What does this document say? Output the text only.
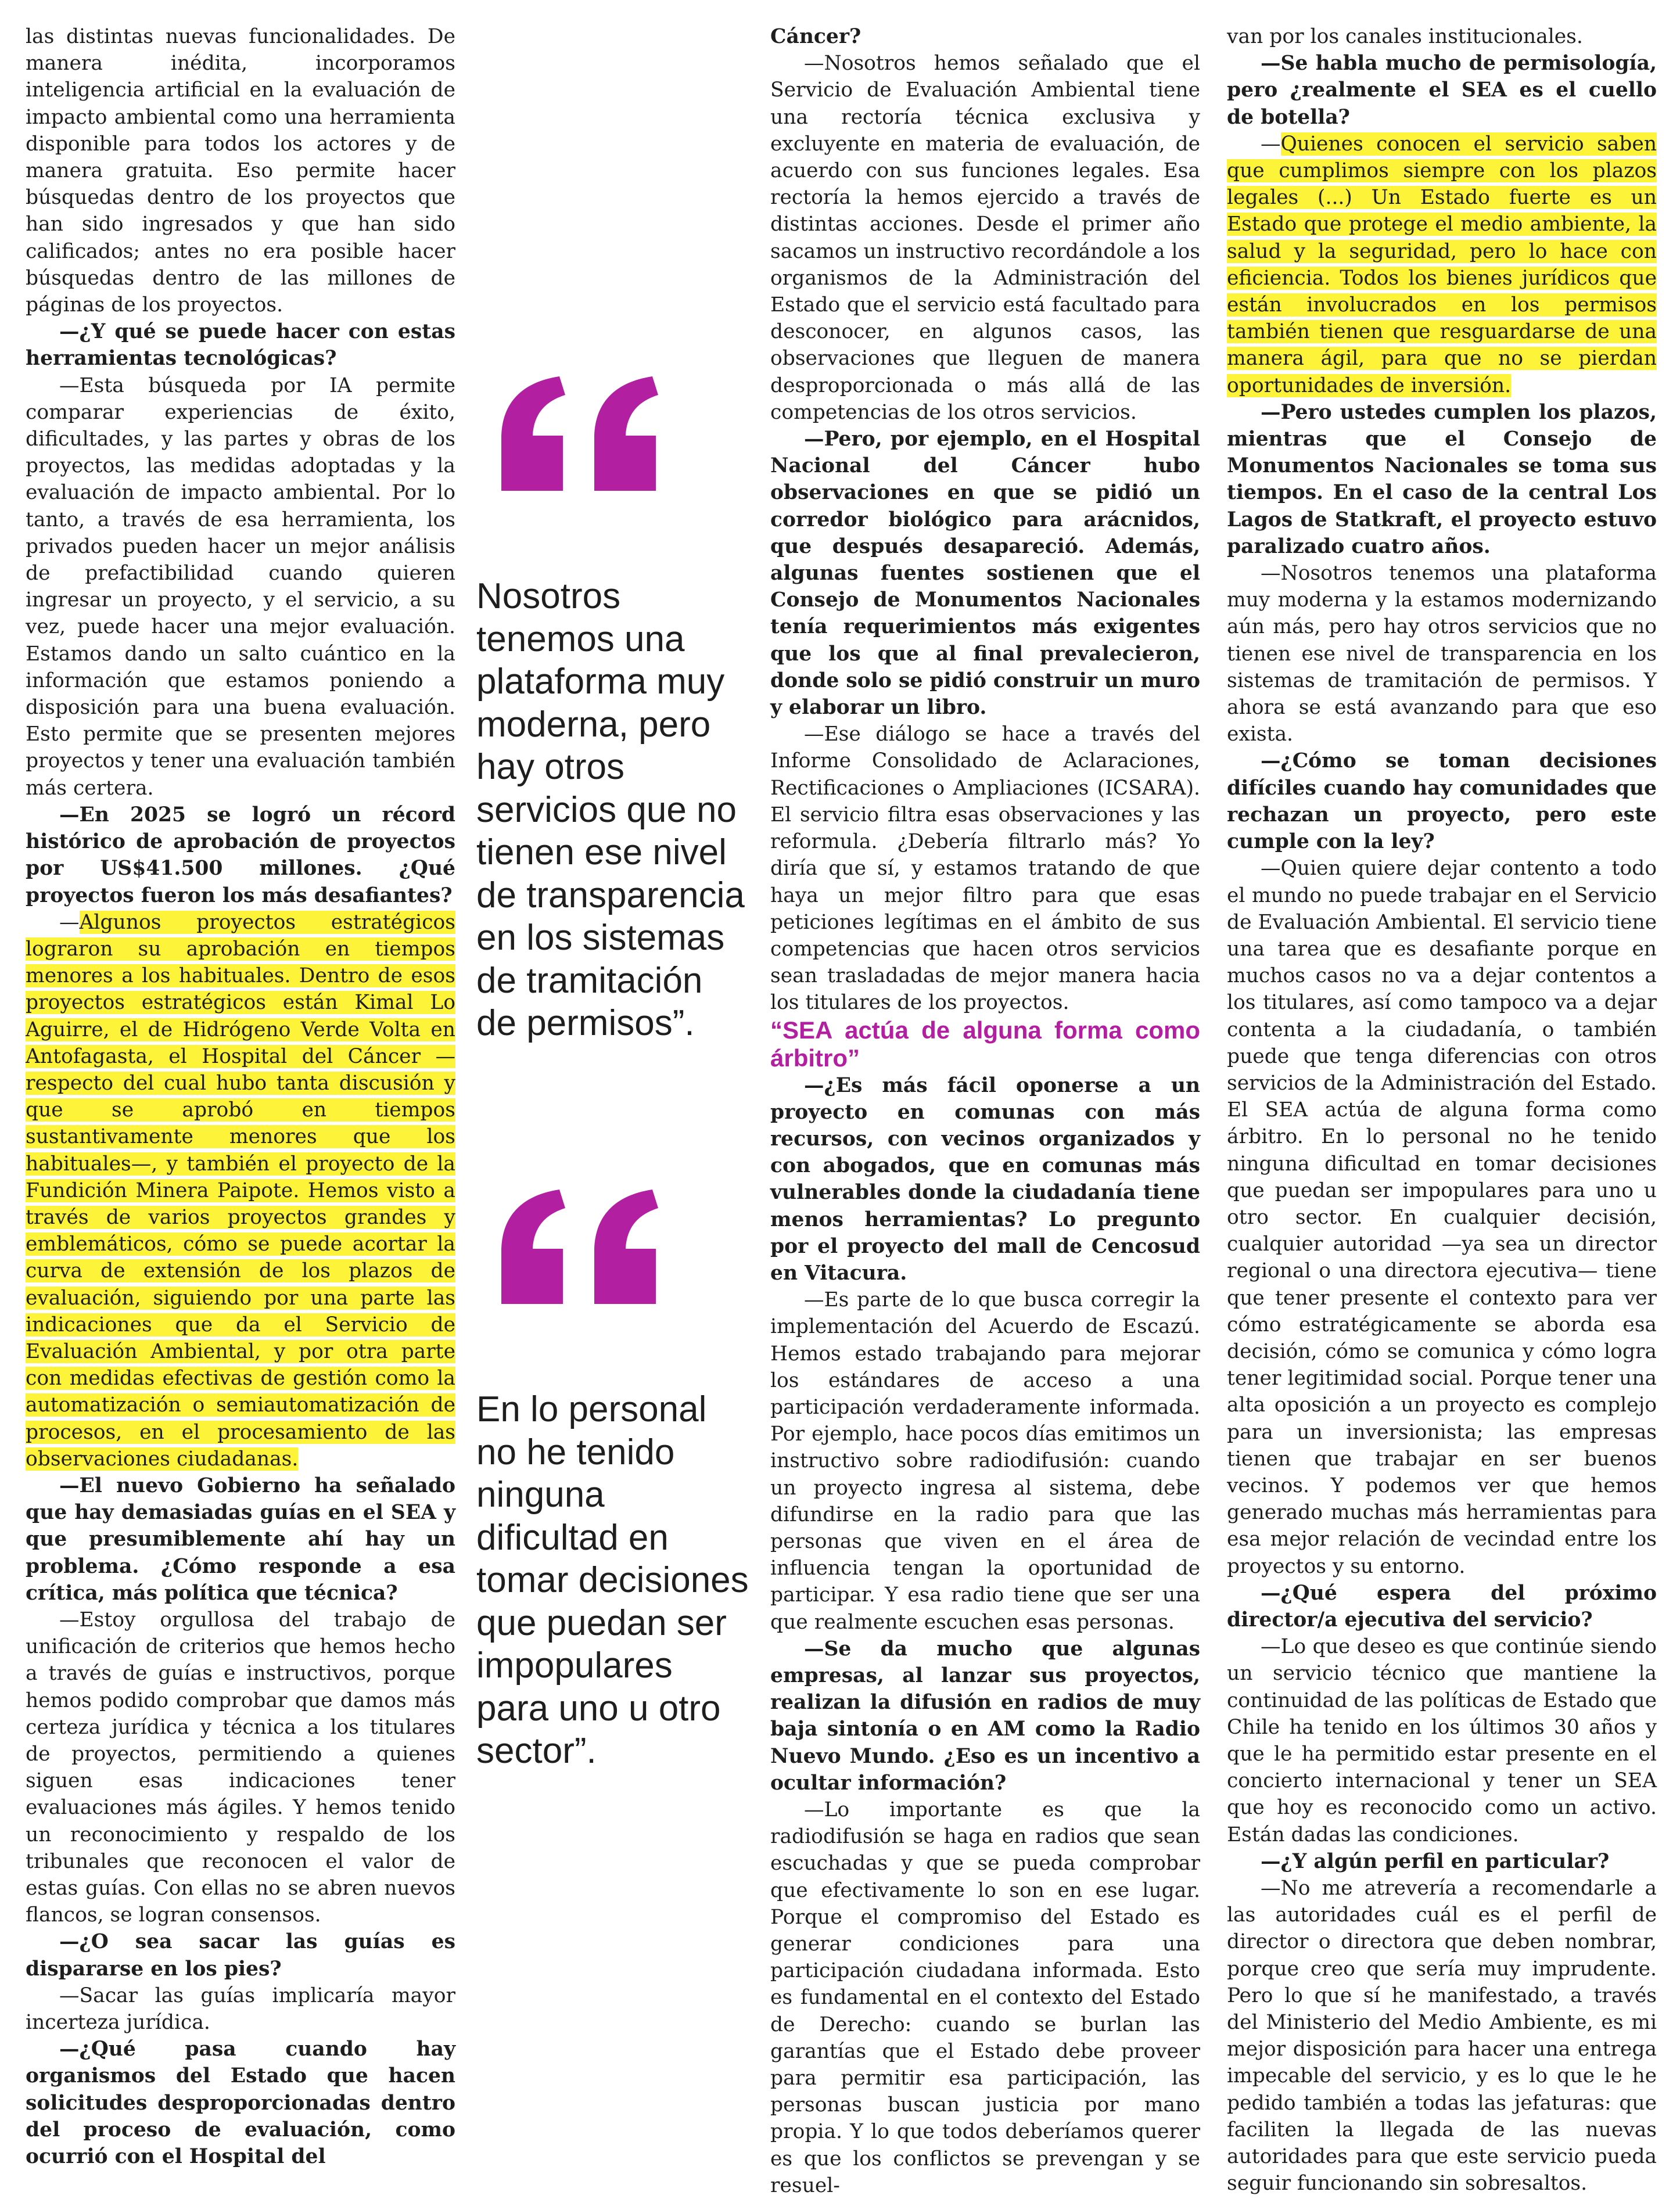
las distintas nuevas funcionalidades. De manera inédita, incorporamos inteligencia artificial en la evaluación de impacto ambiental como una herramienta disponible para todos los actores y de manera gratuita. Eso permite hacer búsquedas dentro de los proyectos que han sido ingresados y que han sido calificados; antes no era posible hacer búsquedas dentro de las millones de páginas de los proyectos.

—¿Y qué se puede hacer con estas herramientas tecnológicas?

—Esta búsqueda por IA permite comparar experiencias de éxito, dificultades, y las partes y obras de los proyectos, las medidas adoptadas y la evaluación de impacto ambiental. Por lo tanto, a través de esa herramienta, los privados pueden hacer un mejor análisis de prefactibilidad cuando quieren ingresar un proyecto, y el servicio, a su vez, puede hacer una mejor evaluación. Estamos dando un salto cuántico en la información que estamos poniendo a disposición para una buena evaluación. Esto permite que se presenten mejores proyectos y tener una evaluación también más certera.

—En 2025 se logró un récord histórico de aprobación de proyectos por US$41.500 millones. ¿Qué proyectos fueron los más desafiantes?

—Algunos proyectos estratégicos lograron su aprobación en tiempos menores a los habituales. Dentro de esos proyectos estratégicos están Kimal Lo Aguirre, el de Hidrógeno Verde Volta en Antofagasta, el Hospital del Cáncer —respecto del cual hubo tanta discusión y que se aprobó en tiempos sustantivamente menores que los habituales—, y también el proyecto de la Fundición Minera Paipote. Hemos visto a través de varios proyectos grandes y emblemáticos, cómo se puede acortar la curva de extensión de los plazos de evaluación, siguiendo por una parte las indicaciones que da el Servicio de Evaluación Ambiental, y por otra parte con medidas efectivas de gestión como la automatización o semiautomatización de procesos, en el procesamiento de las observaciones ciudadanas.

—El nuevo Gobierno ha señalado que hay demasiadas guías en el SEA y que presumiblemente ahí hay un problema. ¿Cómo responde a esa crítica, más política que técnica?

—Estoy orgullosa del trabajo de unificación de criterios que hemos hecho a través de guías e instructivos, porque hemos podido comprobar que damos más certeza jurídica y técnica a los titulares de proyectos, permitiendo a quienes siguen esas indicaciones tener evaluaciones más ágiles. Y hemos tenido un reconocimiento y respaldo de los tribunales que reconocen el valor de estas guías. Con ellas no se abren nuevos flancos, se logran consensos.

—¿O sea sacar las guías es dispararse en los pies?

—Sacar las guías implicaría mayor incerteza jurídica.

—¿Qué pasa cuando hay organismos del Estado que hacen solicitudes desproporcionadas dentro del proceso de evaluación, como ocurrió con el Hospital del

Nosotros tenemos una plataforma muy moderna, pero hay otros servicios que no tienen ese nivel de transparencia en los sistemas de tramitación de permisos”.
En lo personal no he tenido ninguna dificultad en tomar decisiones que puedan ser impopulares para uno u otro sector”.

Cáncer?

—Nosotros hemos señalado que el Servicio de Evaluación Ambiental tiene una rectoría técnica exclusiva y excluyente en materia de evaluación, de acuerdo con sus funciones legales. Esa rectoría la hemos ejercido a través de distintas acciones. Desde el primer año sacamos un instructivo recordándole a los organismos de la Administración del Estado que el servicio está facultado para desconocer, en algunos casos, las observaciones que lleguen de manera desproporcionada o más allá de las competencias de los otros servicios.

—Pero, por ejemplo, en el Hospital Nacional del Cáncer hubo observaciones en que se pidió un corredor biológico para arácnidos, que después desapareció. Además, algunas fuentes sostienen que el Consejo de Monumentos Nacionales tenía requerimientos más exigentes que los que al final prevalecieron, donde solo se pidió construir un muro y elaborar un libro.

—Ese diálogo se hace a través del Informe Consolidado de Aclaraciones, Rectificaciones o Ampliaciones (ICSARA). El servicio filtra esas observaciones y las reformula. ¿Debería filtrarlo más? Yo diría que sí, y estamos tratando de que haya un mejor filtro para que esas peticiones legítimas en el ámbito de sus competencias que hacen otros servicios sean trasladadas de mejor manera hacia los titulares de los proyectos.

“SEA actúa de alguna forma como árbitro”

—¿Es más fácil oponerse a un proyecto en comunas con más recursos, con vecinos organizados y con abogados, que en comunas más vulnerables donde la ciudadanía tiene menos herramientas? Lo pregunto por el proyecto del mall de Cencosud en Vitacura.

—Es parte de lo que busca corregir la implementación del Acuerdo de Escazú. Hemos estado trabajando para mejorar los estándares de acceso a una participación verdaderamente informada. Por ejemplo, hace pocos días emitimos un instructivo sobre radiodifusión: cuando un proyecto ingresa al sistema, debe difundirse en la radio para que las personas que viven en el área de influencia tengan la oportunidad de participar. Y esa radio tiene que ser una que realmente escuchen esas personas.

—Se da mucho que algunas empresas, al lanzar sus proyectos, realizan la difusión en radios de muy baja sintonía o en AM como la Radio Nuevo Mundo. ¿Eso es un incentivo a ocultar información?

—Lo importante es que la radiodifusión se haga en radios que sean escuchadas y que se pueda comprobar que efectivamente lo son en ese lugar. Porque el compromiso del Estado es generar condiciones para una participación ciudadana informada. Esto es fundamental en el contexto del Estado de Derecho: cuando se burlan las garantías que el Estado debe proveer para permitir esa participación, las personas buscan justicia por mano propia. Y lo que todos deberíamos querer es que los conflictos se prevengan y se resuel-

van por los canales institucionales.

—Se habla mucho de permisología, pero ¿realmente el SEA es el cuello de botella?

—Quienes conocen el servicio saben que cumplimos siempre con los plazos legales (...) Un Estado fuerte es un Estado que protege el medio ambiente, la salud y la seguridad, pero lo hace con eficiencia. Todos los bienes jurídicos que están involucrados en los permisos también tienen que resguardarse de una manera ágil, para que no se pierdan oportunidades de inversión.

—Pero ustedes cumplen los plazos, mientras que el Consejo de Monumentos Nacionales se toma sus tiempos. En el caso de la central Los Lagos de Statkraft, el proyecto estuvo paralizado cuatro años.

—Nosotros tenemos una plataforma muy moderna y la estamos modernizando aún más, pero hay otros servicios que no tienen ese nivel de transparencia en los sistemas de tramitación de permisos. Y ahora se está avanzando para que eso exista.

—¿Cómo se toman decisiones difíciles cuando hay comunidades que rechazan un proyecto, pero este cumple con la ley?

—Quien quiere dejar contento a todo el mundo no puede trabajar en el Servicio de Evaluación Ambiental. El servicio tiene una tarea que es desafiante porque en muchos casos no va a dejar contentos a los titulares, así como tampoco va a dejar contenta a la ciudadanía, o también puede que tenga diferencias con otros servicios de la Administración del Estado. El SEA actúa de alguna forma como árbitro. En lo personal no he tenido ninguna dificultad en tomar decisiones que puedan ser impopulares para uno u otro sector. En cualquier decisión, cualquier autoridad —ya sea un director regional o una directora ejecutiva— tiene que tener presente el contexto para ver cómo estratégicamente se aborda esa decisión, cómo se comunica y cómo logra tener legitimidad social. Porque tener una alta oposición a un proyecto es complejo para un inversionista; las empresas tienen que trabajar en ser buenos vecinos. Y podemos ver que hemos generado muchas más herramientas para esa mejor relación de vecindad entre los proyectos y su entorno.

—¿Qué espera del próximo director/a ejecutiva del servicio?

—Lo que deseo es que continúe siendo un servicio técnico que mantiene la continuidad de las políticas de Estado que Chile ha tenido en los últimos 30 años y que le ha permitido estar presente en el concierto internacional y tener un SEA que hoy es reconocido como un activo. Están dadas las condiciones.

—¿Y algún perfil en particular?

—No me atrevería a recomendarle a las autoridades cuál es el perfil de director o directora que deben nombrar, porque creo que sería muy imprudente. Pero lo que sí he manifestado, a través del Ministerio del Medio Ambiente, es mi mejor disposición para hacer una entrega impecable del servicio, y es lo que le he pedido también a todas las jefaturas: que faciliten la llegada de las nuevas autoridades para que este servicio pueda seguir funcionando sin sobresaltos.
